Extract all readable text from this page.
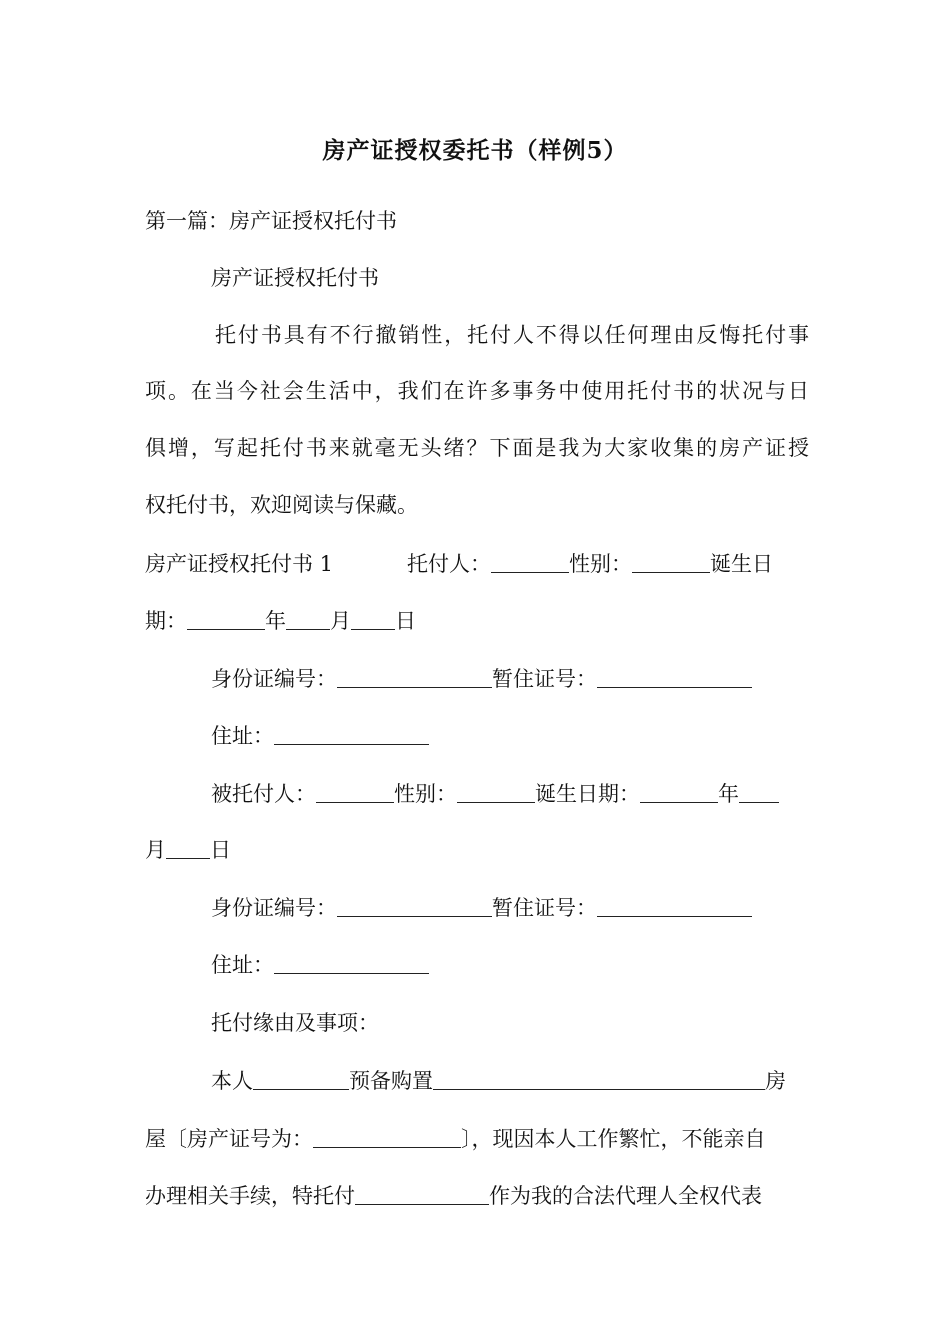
房产证授权委托书（样例5）
第一篇：房产证授权托付书
房产证授权托付书
托付书具有不行撤销性，托付人不得以任何理由反悔托付事
项。在当今社会生活中，我们在许多事务中使用托付书的状况与日
俱增，写起托付书来就毫无头绪？下面是我为大家收集的房产证授
权托付书，欢迎阅读与保藏。
房产证授权托付书 1	托付人：	性别：	诞生日
期：	年 月 日
身份证编号：	暂住证号：
住址：
被托付人：	性别：	诞生日期：	年
月 日
身份证编号：	暂住证号：
住址：
托付缘由及事项：
本人	预备购置	房
屋〔房产证号为：	〕，现因本人工作繁忙，不能亲自
办理相关手续，特托付	作为我的合法代理人全权代表
